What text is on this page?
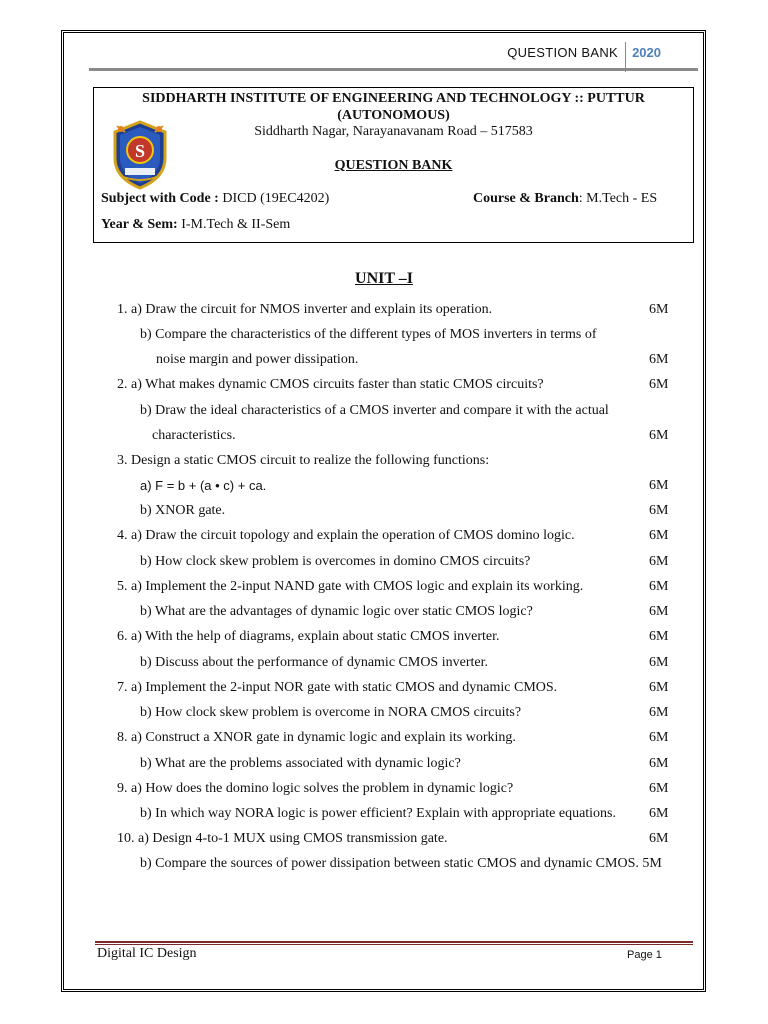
QUESTION BANK 2020
SIDDHARTH INSTITUTE OF ENGINEERING AND TECHNOLOGY :: PUTTUR
(AUTONOMOUS)
Siddharth Nagar, Narayanavanam Road – 517583
S
QUESTION BANK
Subject with Code : DICD (19EC4202)	Course & Branch: M.Tech - ES
Year & Sem: I-M.Tech & II-Sem
UNIT –I
1. a) Draw the circuit for NMOS inverter and explain its operation.	6M
b) Compare the characteristics of the different types of MOS inverters in terms of
noise margin and power dissipation.	6M
2. a) What makes dynamic CMOS circuits faster than static CMOS circuits?	6M
b) Draw the ideal characteristics of a CMOS inverter and compare it with the actual
characteristics.	6M
3. Design a static CMOS circuit to realize the following functions:
a) F = b + (a • c) + ca.	6M
b) XNOR gate.	6M
4. a) Draw the circuit topology and explain the operation of CMOS domino logic.	6M
b) How clock skew problem is overcomes in domino CMOS circuits?	6M
5. a) Implement the 2-input NAND gate with CMOS logic and explain its working.	6M
b) What are the advantages of dynamic logic over static CMOS logic?	6M
6. a) With the help of diagrams, explain about static CMOS inverter.	6M
b) Discuss about the performance of dynamic CMOS inverter.	6M
7. a) Implement the 2-input NOR gate with static CMOS and dynamic CMOS.	6M
b) How clock skew problem is overcome in NORA CMOS circuits?	6M
8. a) Construct a XNOR gate in dynamic logic and explain its working.	6M
b) What are the problems associated with dynamic logic?	6M
9. a) How does the domino logic solves the problem in dynamic logic?	6M
b) In which way NORA logic is power efficient? Explain with appropriate equations. 6M
10. a) Design 4-to-1 MUX using CMOS transmission gate.	6M
b) Compare the sources of power dissipation between static CMOS and dynamic CMOS. 5M
Digital IC Design	Page 1
